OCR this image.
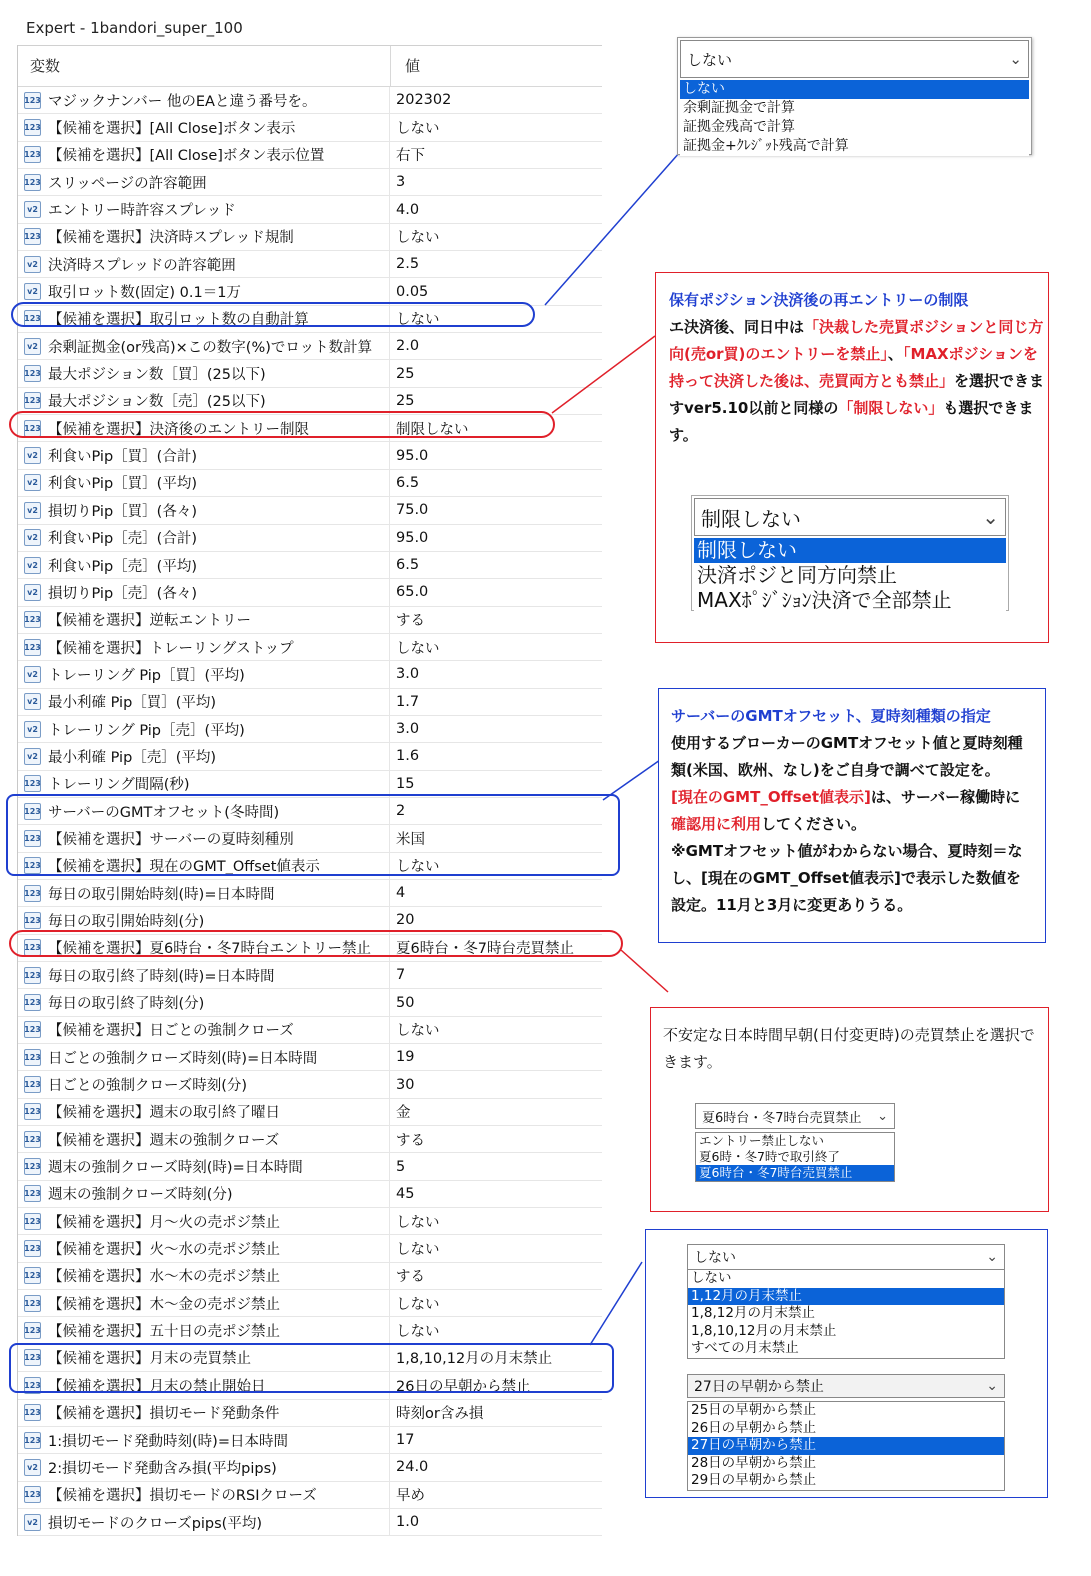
Expert - 1bandori_super_100
変数	値
123 マジックナンバー 他のEAと違う番号を。	202302
123 【候補を選択】[All Close]ボタン表示	しない
123 【候補を選択】[All Close]ボタン表示位置	右下
123 スリッページの許容範囲	3
v2 エントリー時許容スプレッド	4.0
123 【候補を選択】決済時スプレッド規制	しない
v2 決済時スプレッドの許容範囲	2.5
v2 取引ロット数(固定) 0.1＝1万	0.05
123 【候補を選択】取引ロット数の自動計算	しない
v2 余剰証拠金(or残高)×この数字(%)でロット数計算	2.0
123 最大ポジション数［買］(25以下)	25
123 最大ポジション数［売］(25以下)	25
123 【候補を選択】決済後のエントリー制限	制限しない
v2 利食いPip［買］(合計)	95.0
v2 利食いPip［買］(平均)	6.5
v2 損切りPip［買］(各々)	75.0
v2 利食いPip［売］(合計)	95.0
v2 利食いPip［売］(平均)	6.5
v2 損切りPip［売］(各々)	65.0
123 【候補を選択】逆転エントリー	する
123 【候補を選択】トレーリングストップ	しない
v2 トレーリング Pip［買］(平均)	3.0
v2 最小利確 Pip［買］(平均)	1.7
v2 トレーリング Pip［売］(平均)	3.0
v2 最小利確 Pip［売］(平均)	1.6
123 トレーリング間隔(秒)	15
123 サーバーのGMTオフセット(冬時間)	2
123 【候補を選択】サーバーの夏時刻種別	米国
123 【候補を選択】現在のGMT_Offset値表示	しない
123 毎日の取引開始時刻(時)=日本時間	4
123 毎日の取引開始時刻(分)	20
123 【候補を選択】夏6時台・冬7時台エントリー禁止	夏6時台・冬7時台売買禁止
123 毎日の取引終了時刻(時)=日本時間	7
123 毎日の取引終了時刻(分)	50
123 【候補を選択】日ごとの強制クローズ	しない
123 日ごとの強制クローズ時刻(時)=日本時間	19
123 日ごとの強制クローズ時刻(分)	30
123 【候補を選択】週末の取引終了曜日	金
123 【候補を選択】週末の強制クローズ	する
123 週末の強制クローズ時刻(時)=日本時間	5
123 週末の強制クローズ時刻(分)	45
123 【候補を選択】月～火の売ポジ禁止	しない
123 【候補を選択】火～水の売ポジ禁止	しない
123 【候補を選択】水～木の売ポジ禁止	する
123 【候補を選択】木～金の売ポジ禁止	しない
123 【候補を選択】五十日の売ポジ禁止	しない
123 【候補を選択】月末の売買禁止	1,8,10,12月の月末禁止
123 【候補を選択】月末の禁止開始日	26日の早朝から禁止
123 【候補を選択】損切モード発動条件	時刻or含み損
123 1:損切モード発動時刻(時)=日本時間	17
v2 2:損切モード発動含み損(平均pips)	24.0
123 【候補を選択】損切モードのRSIクローズ	早め
v2 損切モードのクローズpips(平均)	1.0
しない	⌄
しない
余剰証拠金で計算
証拠金残高で計算
証拠金+ｸﾚｼﾞｯﾄ残高で計算
保有ポジション決済後の再エントリーの制限
エ決済後、同日中は「決裁した売買ポジションと同じ方向(売or買)のエントリーを禁止」、「MAXポジションを持って決済した後は、売買両方とも禁止」を選択できますver5.10以前と同様の「制限しない」も選択できます。
制限しない	⌄
制限しない
決済ポジと同方向禁止
MAXﾎﾟｼﾞｼｮﾝ決済で全部禁止
サーバーのGMTオフセット、夏時刻種類の指定
使用するブローカーのGMTオフセット値と夏時刻種類(米国、欧州、なし)をご自身で調べて設定を。
[現在のGMT_Offset値表示]は、サーバー稼働時に確認用に利用してください。
※GMTオフセット値がわからない場合、夏時刻＝なし、[現在のGMT_Offset値表示]で表示した数値を設定。11月と3月に変更ありうる。
不安定な日本時間早朝(日付変更時)の売買禁止を選択できます。
夏6時台・冬7時台売買禁止 ⌄
エントリー禁止しない
夏6時・冬7時で取引終了
夏6時台・冬7時台売買禁止
しない	⌄
しない
1,12月の月末禁止
1,8,12月の月末禁止
1,8,10,12月の月末禁止
すべての月末禁止
27日の早朝から禁止	⌄
25日の早朝から禁止
26日の早朝から禁止
27日の早朝から禁止
28日の早朝から禁止
29日の早朝から禁止
